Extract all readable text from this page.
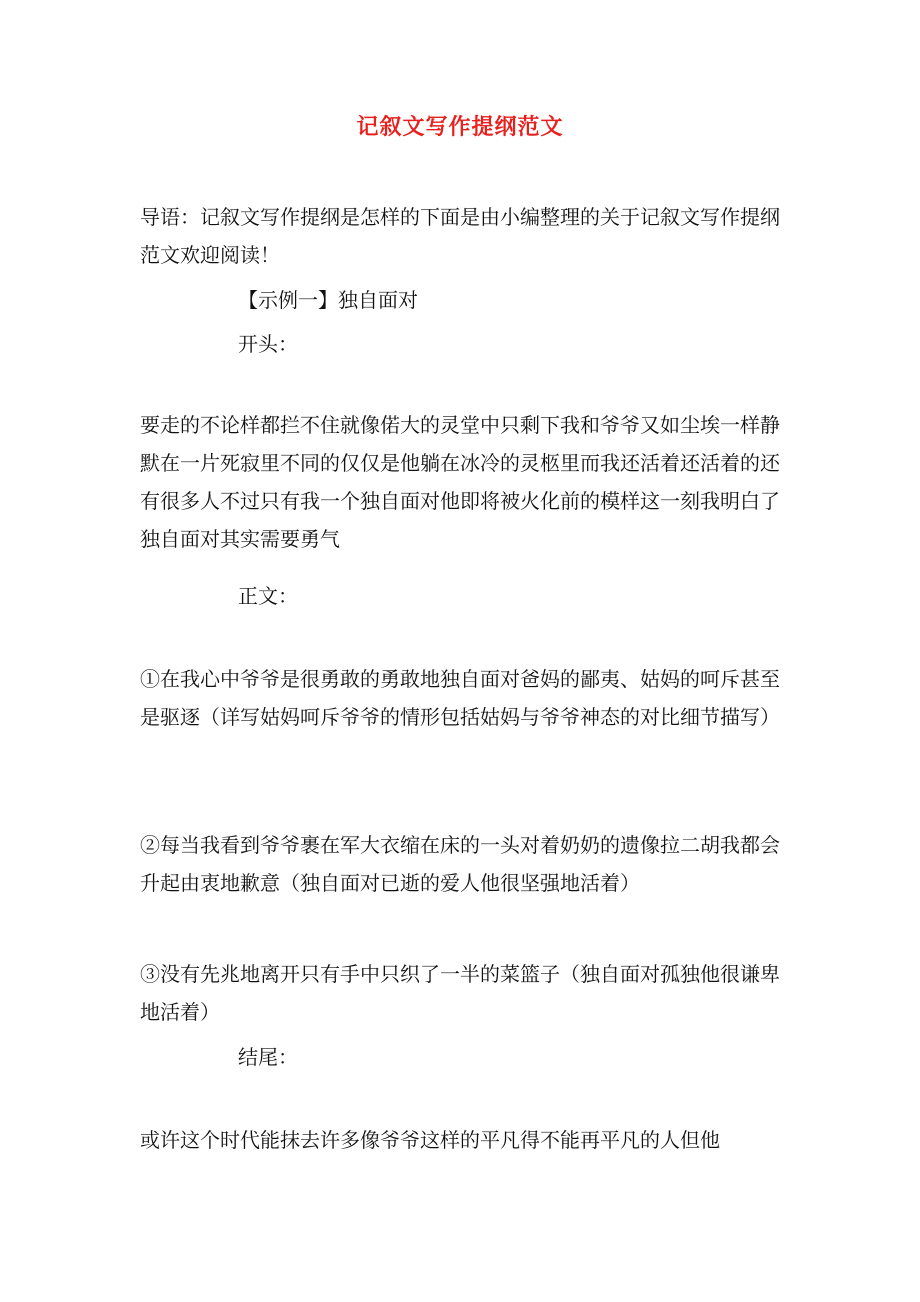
记叙文写作提纲范文
导语：记叙文写作提纲是怎样的下面是由小编整理的关于记叙文写作提纲范文欢迎阅读！
【示例一】独自面对
开头：
要走的不论样都拦不住就像偌大的灵堂中只剩下我和爷爷又如尘埃一样静默在一片死寂里不同的仅仅是他躺在冰冷的灵柩里而我还活着还活着的还有很多人不过只有我一个独自面对他即将被火化前的模样这一刻我明白了独自面对其实需要勇气
正文：
①在我心中爷爷是很勇敢的勇敢地独自面对爸妈的鄙夷、姑妈的呵斥甚至是驱逐（详写姑妈呵斥爷爷的情形包括姑妈与爷爷神态的对比细节描写）
②每当我看到爷爷裹在军大衣缩在床的一头对着奶奶的遗像拉二胡我都会升起由衷地歉意（独自面对已逝的爱人他很坚强地活着）
③没有先兆地离开只有手中只织了一半的菜篮子（独自面对孤独他很谦卑地活着）
结尾：
或许这个时代能抹去许多像爷爷这样的平凡得不能再平凡的人但他
